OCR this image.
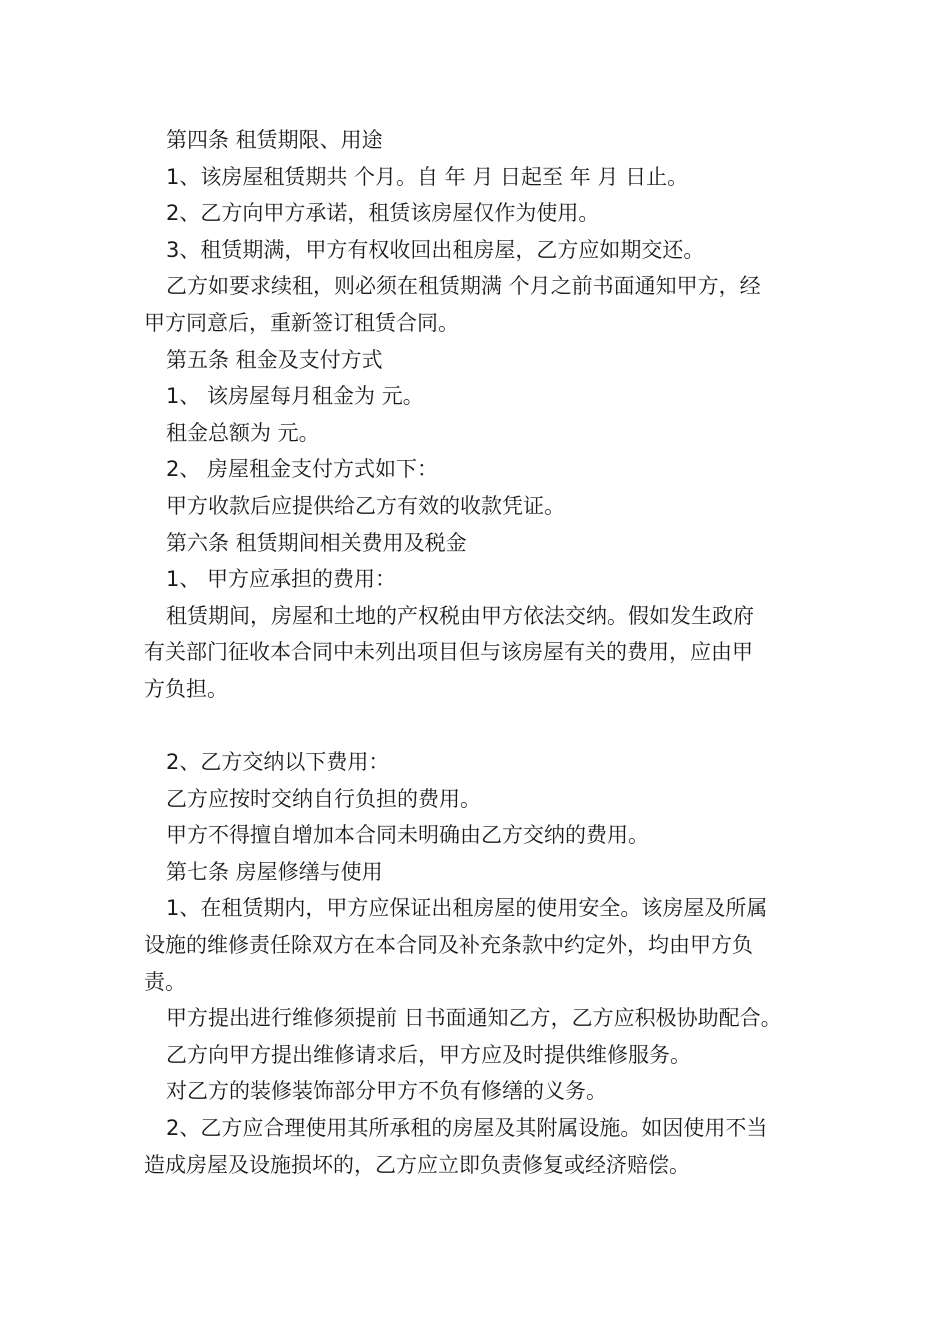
第四条 租赁期限、用途
1、该房屋租赁期共 个月。自 年 月 日起至 年 月 日止。
2、乙方向甲方承诺，租赁该房屋仅作为使用。
3、租赁期满，甲方有权收回出租房屋，乙方应如期交还。
乙方如要求续租，则必须在租赁期满 个月之前书面通知甲方，经
甲方同意后，重新签订租赁合同。
第五条 租金及支付方式
1、 该房屋每月租金为 元。
租金总额为 元。
2、 房屋租金支付方式如下：
甲方收款后应提供给乙方有效的收款凭证。
第六条 租赁期间相关费用及税金
1、 甲方应承担的费用：
租赁期间，房屋和土地的产权税由甲方依法交纳。假如发生政府
有关部门征收本合同中未列出项目但与该房屋有关的费用，应由甲
方负担。
2、乙方交纳以下费用：
乙方应按时交纳自行负担的费用。
甲方不得擅自增加本合同未明确由乙方交纳的费用。
第七条 房屋修缮与使用
1、在租赁期内，甲方应保证出租房屋的使用安全。该房屋及所属
设施的维修责任除双方在本合同及补充条款中约定外，均由甲方负
责。
甲方提出进行维修须提前 日书面通知乙方，乙方应积极协助配合。
乙方向甲方提出维修请求后，甲方应及时提供维修服务。
对乙方的装修装饰部分甲方不负有修缮的义务。
2、乙方应合理使用其所承租的房屋及其附属设施。如因使用不当
造成房屋及设施损坏的，乙方应立即负责修复或经济赔偿。
